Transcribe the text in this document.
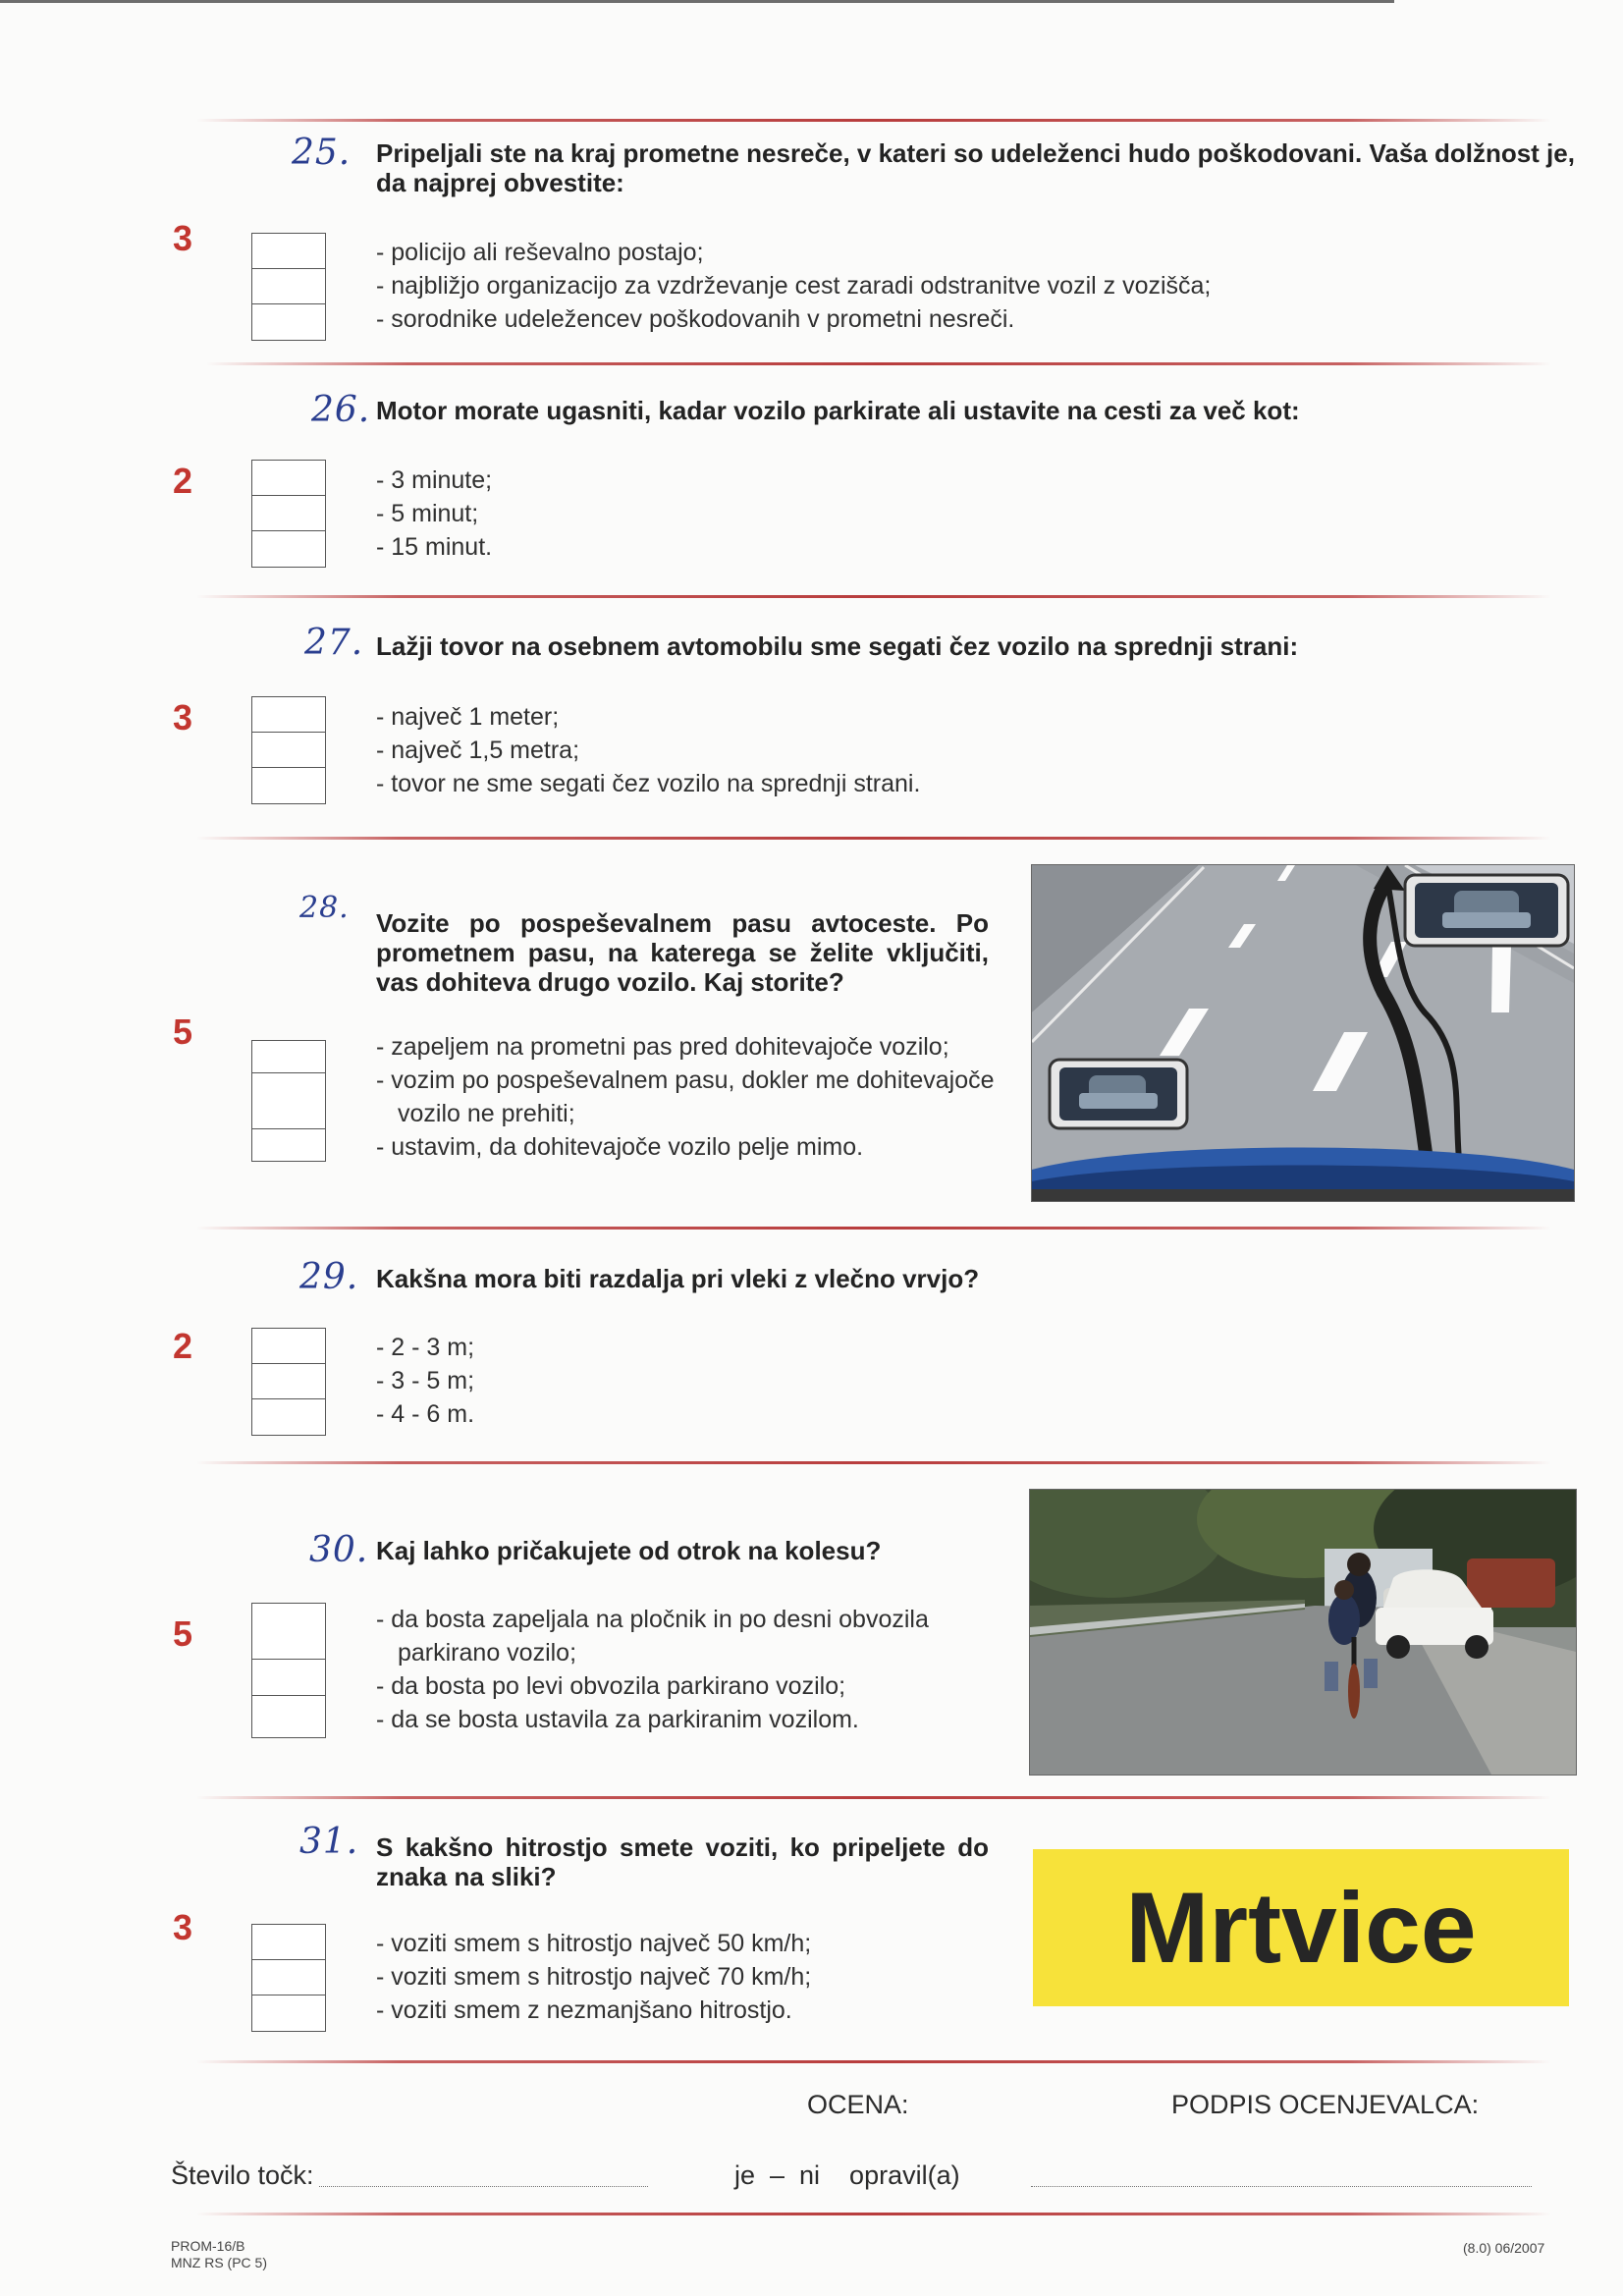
25. Pripeljali ste na kraj prometne nesreče, v kateri so udeleženci hudo poškodovani. Vaša dolžnost je, da najprej obvestite:
3	- policijo ali reševalno postajo;

- najbližjo organizacijo za vzdrževanje cest zaradi odstranitve vozil z vozišča;

- sorodnike udeležencev poškodovanih v prometni nesreči.

26. Motor morate ugasniti, kadar vozilo parkirate ali ustavite na cesti za več kot:
2	- 3 minute;

- 5 minut;

- 15 minut.

27. Lažji tovor na osebnem avtomobilu sme segati čez vozilo na sprednji strani:
3	- največ 1 meter;

- največ 1,5 metra;

- tovor ne sme segati čez vozilo na sprednji strani.

28. Vozite po pospeševalnem pasu avtoceste. Po prometnem pasu, na katerega se želite vključiti, vas dohiteva drugo vozilo. Kaj storite?
5	- zapeljem na prometni pas pred dohitevajoče vozilo;

- vozim po pospeševalnem pasu, dokler me dohitevajoče vozilo ne prehiti;

- ustavim, da dohitevajoče vozilo pelje mimo.

29. Kakšna mora biti razdalja pri vleki z vlečno vrvjo?
2	- 2 - 3 m;

- 3 - 5 m;

- 4 - 6 m.

30. Kaj lahko pričakujete od otrok na kolesu?
5	- da bosta zapeljala na pločnik in po desni obvozila parkirano vozilo;

- da bosta po levi obvozila parkirano vozilo;

- da se bosta ustavila za parkiranim vozilom.

31. S kakšno hitrostjo smete voziti, ko pripeljete do znaka na sliki?
3	- voziti smem s hitrostjo največ 50 km/h;

- voziti smem s hitrostjo največ 70 km/h;

- voziti smem z nezmanjšano hitrostjo.

Mrtvice
OCENA:	PODPIS OCENJEVALCA:
Število točk:	je  –  ni    opravil(a)
PROM-16/B
MNZ RS (PC 5)
(8.0) 06/2007
